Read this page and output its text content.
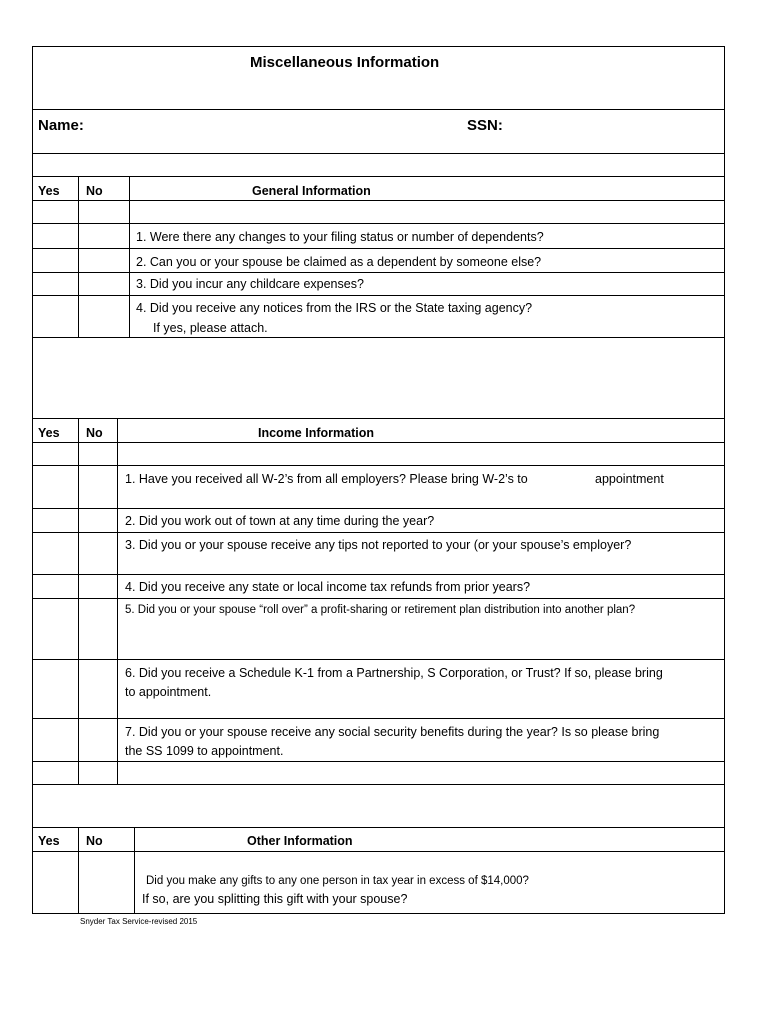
Miscellaneous Information
Name:	SSN:
Yes No	General Information
1. Were there any changes to your filing status or number of dependents?
2. Can you or your spouse be claimed as a dependent by someone else?
3. Did you incur any childcare expenses?
4. Did you receive any notices from the IRS or the State taxing agency?
If yes, please attach.
Yes No	Income Information
1. Have you received all W-2’s from all employers? Please bring W-2’s to	appointment
2. Did you work out of town at any time during the year?
3. Did you or your spouse receive any tips not reported to your (or your spouse’s employer?
4. Did you receive any state or local income tax refunds from prior years?
5. Did you or your spouse “roll over” a profit-sharing or retirement plan distribution into another plan?
6. Did you receive a Schedule K-1 from a Partnership, S Corporation, or Trust? If so, please bring
to appointment.
7. Did you or your spouse receive any social security benefits during the year? Is so please bring
the SS 1099 to appointment.
Yes No	Other Information
Did you make any gifts to any one person in tax year in excess of $14,000?
If so, are you splitting this gift with your spouse?
Snyder Tax Service-revised 2015
